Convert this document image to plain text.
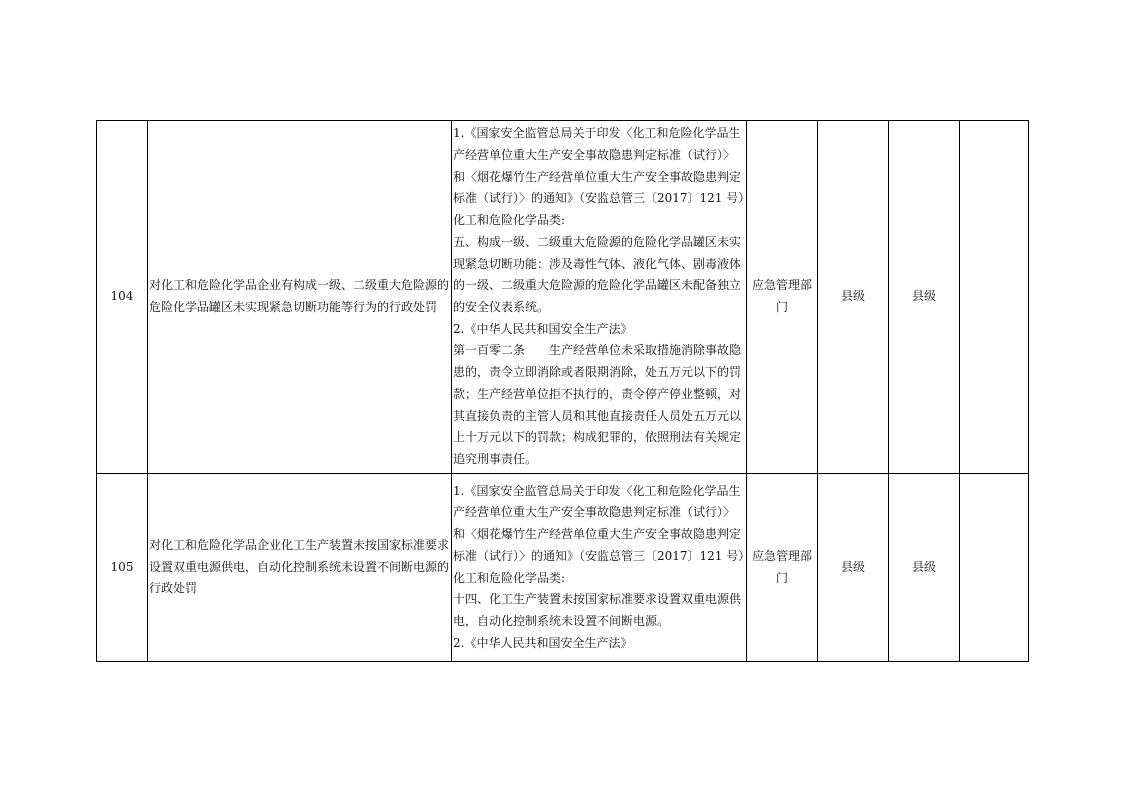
104	对化工和危险化学品企业有构成一级、二级重大危险源的危险化学品罐区未实现紧急切断功能等行为的行政处罚	1.《国家安全监管总局关于印发〈化工和危险化学品生产经营单位重大生产安全事故隐患判定标准（试行）〉和〈烟花爆竹生产经营单位重大生产安全事故隐患判定标准（试行）〉的通知》（安监总管三〔2017〕121 号）
化工和危险化学品类:
五、构成一级、二级重大危险源的危险化学品罐区未实现紧急切断功能：涉及毒性气体、液化气体、剧毒液体的一级、二级重大危险源的危险化学品罐区未配备独立的安全仪表系统。
2.《中华人民共和国安全生产法》
第一百零二条　　生产经营单位未采取措施消除事故隐患的，责令立即消除或者限期消除，处五万元以下的罚款；生产经营单位拒不执行的，责令停产停业整顿，对其直接负责的主管人员和其他直接责任人员处五万元以上十万元以下的罚款；构成犯罪的，依照刑法有关规定追究刑事责任。	应急管理部门	县级	县级	
105	对化工和危险化学品企业化工生产装置未按国家标准要求设置双重电源供电，自动化控制系统未设置不间断电源的行政处罚	1.《国家安全监管总局关于印发〈化工和危险化学品生产经营单位重大生产安全事故隐患判定标准（试行）〉和〈烟花爆竹生产经营单位重大生产安全事故隐患判定标准（试行）〉的通知》（安监总管三〔2017〕121 号）
化工和危险化学品类:
十四、化工生产装置未按国家标准要求设置双重电源供电，自动化控制系统未设置不间断电源。
2.《中华人民共和国安全生产法》	应急管理部门	县级	县级	
